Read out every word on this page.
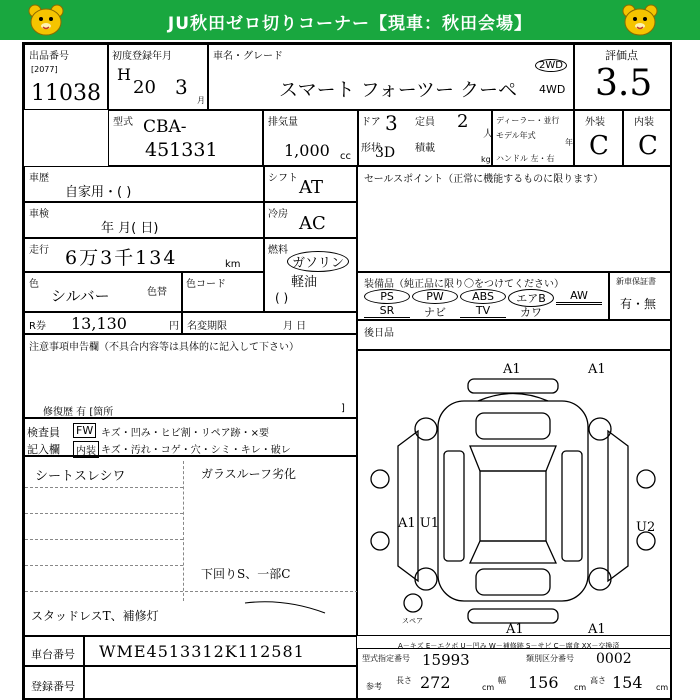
JU秋田ゼロ切りコーナー【現車：秋田会場】
出品番号
[2077]
11038
初度登録年月
H
20 3
月
車名・グレード
スマート フォーツー クーペ
2WD
4WD
評価点
3.5
型式 CBA-
451331
排気量
1,000 cc
ドア 3 定員 2
人
形状
3D 積載
kg
ディーラー・並行
モデル年式
年
ハンドル 左・右
外装
C
内装
C
車歴
自家用・( )
シフト AT
車検
年 月( 日)
冷房 AC
走行 6万3千134	km
燃料
ガソリン
軽油
( )
色
シルバー	色替
色コード
R券 13,130	円 名変期限	月 日
注意事項申告欄（不具合内容等は具体的に記入して下さい）
修復歴 有 [箇所	]
セールスポイント（正常に機能するものに限ります）
装備品（純正品に限り〇をつけてください）
PS	PW	ABS	エアB	AW
SR	ナビ	TV	カワ
新車保証書
有・無
後日品
検査員
記入欄
FW キズ・凹み・ヒビ割・リペア跡・×要
内装 キズ・汚れ・コゲ・穴・シミ・キレ・破レ
シートスレシワ	ガラスルーフ劣化
下回りS、一部C
スタッドレスT、補修灯
A1	A1
A1 U1	U2
A1	A1
スペア
A－キズ E－エクボ U－凹み W－補修跡 S－サビ C－腐食 XX－交換済
車台番号 WME4513312K112581
登録番号
型式指定番号 15993	類別区分番号 0002
参考
長さ 272	cm
幅 156 cm
高さ 154 cm
